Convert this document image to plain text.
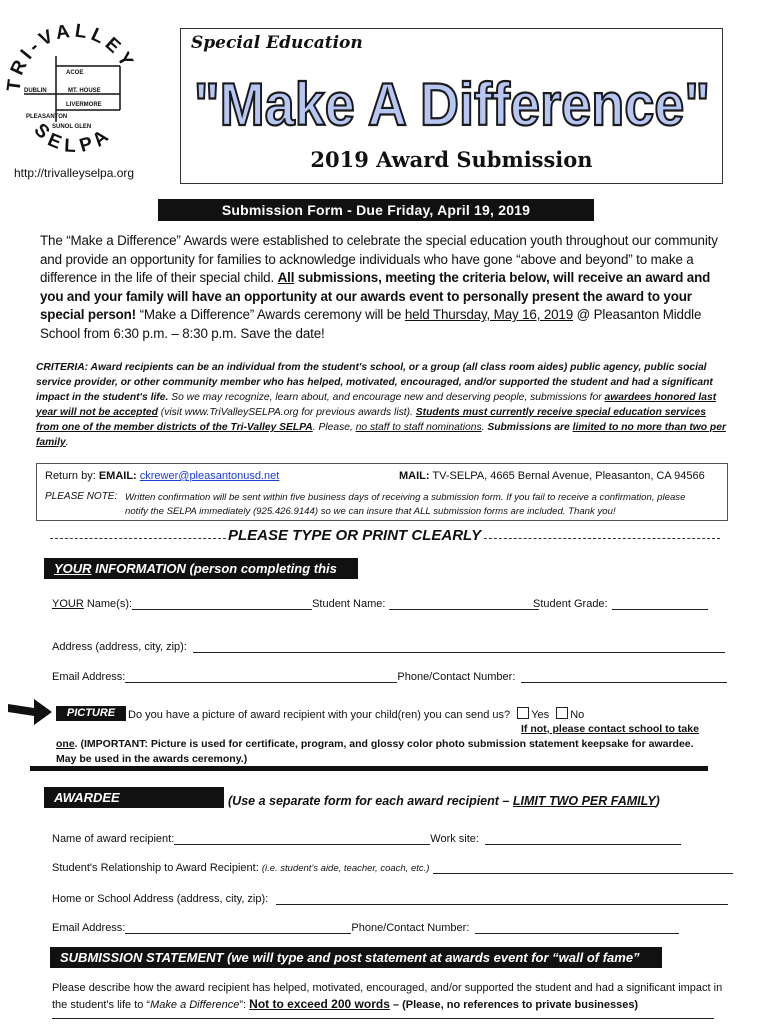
RI-VALLE
SELPA
ACOE
DUBLIN	MT. HOUSE
LIVERMORE
PLEASANTON
SUNOL GLEN
http://trivalleyselpa.org
Special Education
"Make A Difference"
2019 Award Submission
Submission Form - Due Friday, April 19, 2019
The “Make a Difference” Awards were established to celebrate the special education youth throughout our community and provide an opportunity for families to acknowledge individuals who have gone “above and beyond” to make a difference in the life of their special child. All submissions, meeting the criteria below, will receive an award and you and your family will have an opportunity at our awards event to personally present the award to your special person! “Make a Difference” Awards ceremony will be held Thursday, May 16, 2019 @ Pleasanton Middle School from 6:30 p.m. – 8:30 p.m. Save the date!
CRITERIA: Award recipients can be an individual from the student's school, or a group (all class room aides) public agency, public social service provider, or other community member who has helped, motivated, encouraged, and/or supported the student and had a significant impact in the student's life. So we may recognize, learn about, and encourage new and deserving people, submissions for awardees honored last year will not be accepted (visit www.TriValleySELPA.org for previous awards list). Students must currently receive special education services from one of the member districts of the Tri-Valley SELPA. Please, no staff to staff nominations. Submissions are limited to no more than two per family.
Return by: EMAIL: ckrewer@pleasantonusd.net	MAIL: TV-SELPA, 4665 Bernal Avenue, Pleasanton, CA 94566
PLEASE NOTE: Written confirmation will be sent within five business days of receiving a submission form. If you fail to receive a confirmation, please notify the SELPA immediately (925.426.9144) so we can insure that ALL submission forms are included. Thank you!
PLEASE TYPE OR PRINT CLEARLY
YOUR INFORMATION (person completing this form)
YOUR Name(s):	Student Name:	Student Grade:
Address (address, city, zip):
Email Address:	Phone/Contact Number:
PICTURE	Do you have a picture of award recipient with your child(ren) you can send us? Yes No
If not, please contact school to take one. (IMPORTANT: Picture is used for certificate, program, and glossy color photo submission statement keepsake for awardee. May be used in the awards ceremony.)
AWARDEE INFORMATION
(Use a separate form for each award recipient – LIMIT TWO PER FAMILY)
Name of award recipient:	Work site:
Student's Relationship to Award Recipient: (i.e. student's aide, teacher, coach, etc.)
Home or School Address (address, city, zip):
Email Address:	Phone/Contact Number:
SUBMISSION STATEMENT (we will type and post statement at awards event for “wall of fame” viewing)
Please describe how the award recipient has helped, motivated, encouraged, and/or supported the student and had a significant impact in the student's life to “Make a Difference”: Not to exceed 200 words – (Please, no references to private businesses)
